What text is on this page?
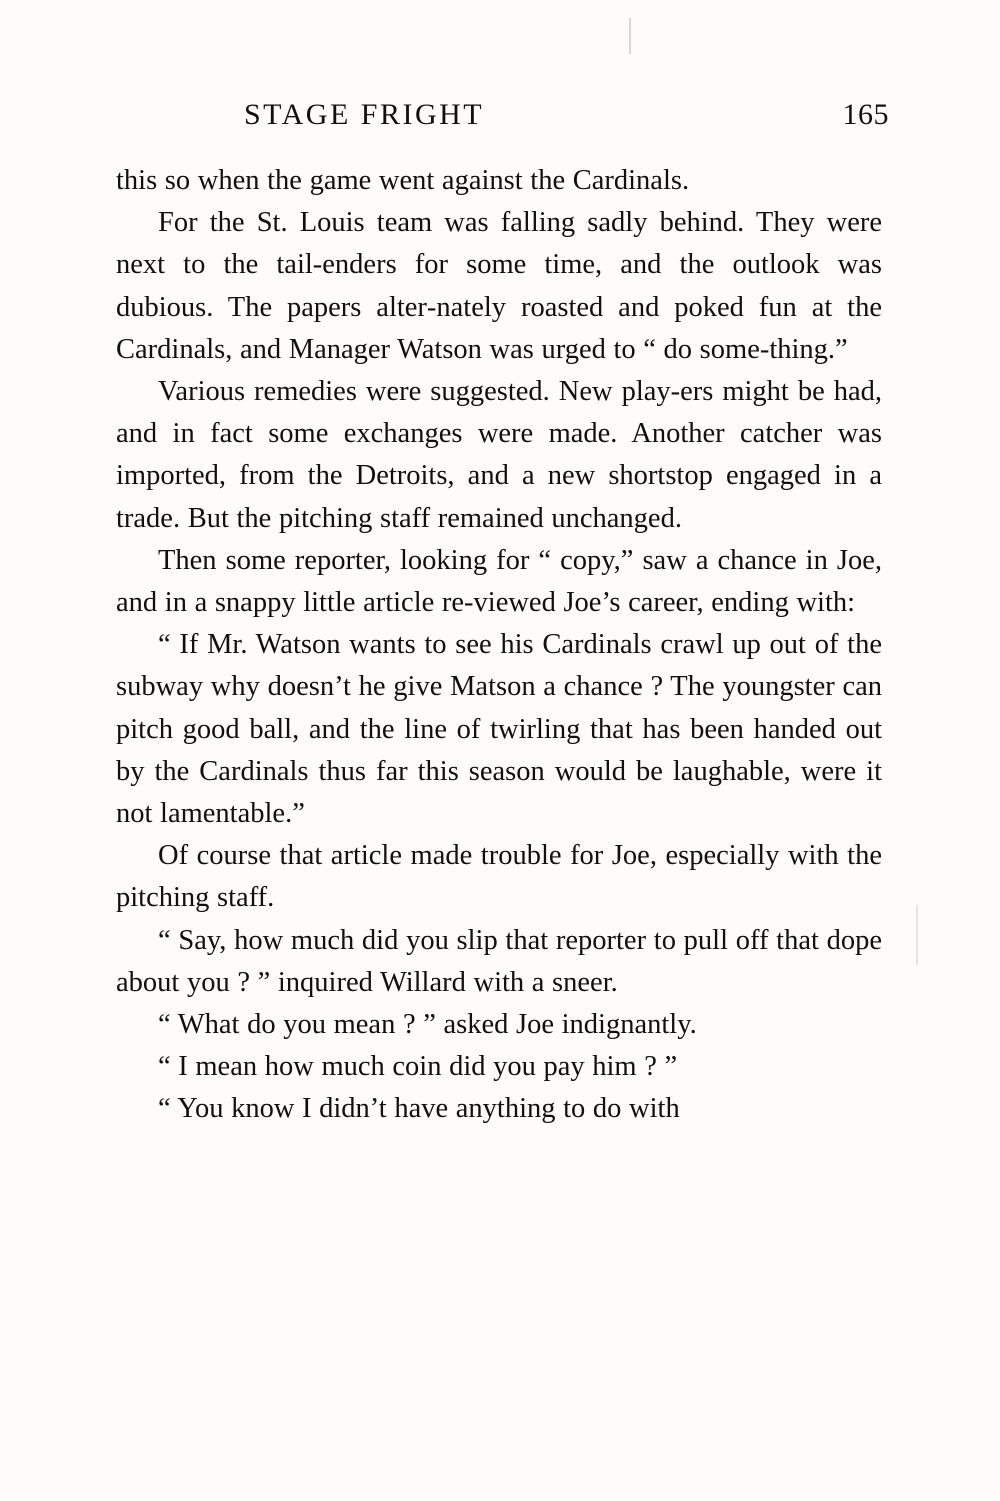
STAGE FRIGHT	165

this so when the game went against the Cardinals.

For the St. Louis team was falling sadly behind. They were next to the tail-enders for some time, and the outlook was dubious. The papers alter‑nately roasted and poked fun at the Cardinals, and Manager Watson was urged to “ do some‑thing.”

Various remedies were suggested. New play‑ers might be had, and in fact some exchanges were made. Another catcher was imported, from the Detroits, and a new shortstop engaged in a trade. But the pitching staff remained unchanged.

Then some reporter, looking for “ copy,” saw a chance in Joe, and in a snappy little article re‑viewed Joe’s career, ending with:

“ If Mr. Watson wants to see his Cardinals crawl up out of the subway why doesn’t he give Matson a chance ? The youngster can pitch good ball, and the line of twirling that has been handed out by the Cardinals thus far this season would be laughable, were it not lamentable.”

Of course that article made trouble for Joe, especially with the pitching staff.

“ Say, how much did you slip that reporter to pull off that dope about you ? ” inquired Willard with a sneer.

“ What do you mean ? ” asked Joe indignantly.

“ I mean how much coin did you pay him ? ”

“ You know I didn’t have anything to do with
